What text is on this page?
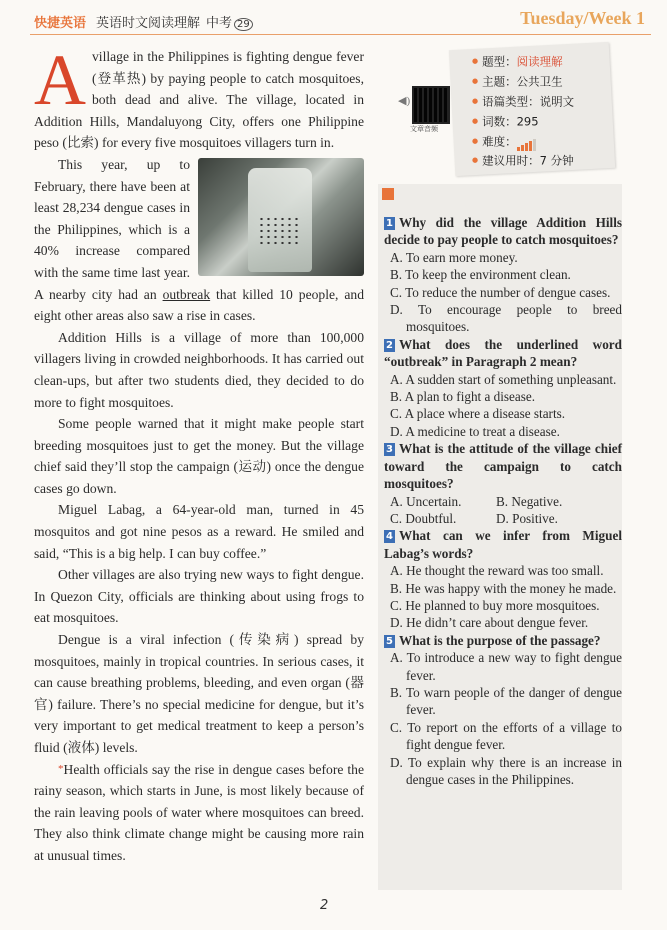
快捷英语 英语时文阅读理解 中考 29	Tuesday/Week 1

Avillage in the Philippines is fighting dengue fever (登革热) by paying people to catch mosquitoes, both dead and alive. The village, located in Addition Hills, Mandaluyong City, offers one Philippine peso (比索) for every five mosquitoes villagers turn in.

This year, up to February, there have been at least 28,234 dengue cases in the Philippines, which is a 40% increase compared with the same time last year. A nearby city had an outbreak that killed 10 people, and eight other areas also saw a rise in cases.

Addition Hills is a village of more than 100,000 villagers living in crowded neighborhoods. It has carried out clean-ups, but after two students died, they decided to do more to fight mosquitoes.

Some people warned that it might make people start breeding mosquitoes just to get the money. But the village chief said they’ll stop the campaign (运动) once the dengue cases go down.

Miguel Labag, a 64-year-old man, turned in 45 mosquitos and got nine pesos as a reward. He smiled and said, “This is a big help. I can buy coffee.”

Other villages are also trying new ways to fight dengue. In Quezon City, officials are thinking about using frogs to eat mosquitoes.

Dengue is a viral infection (传染病) spread by mosquitoes, mainly in tropical countries. In serious cases, it can cause breathing problems, bleeding, and even organ (器官) failure. There’s no special medicine for dengue, but it’s very important to get medical treatment to keep a person’s fluid (液体) levels.

*Health officials say the rise in dengue cases before the rainy season, which starts in June, is most likely because of the rain leaving pools of water where mosquitoes can breed. They also think climate change might be causing more rain at unusual times.

◀)
文章音频
● 题型：阅读理解
● 主题：公共卫生
● 语篇类型：说明文
● 词数：295
● 难度：
● 建议用时：7 分钟
1 Why did the village Addition Hills decide to pay people to catch mosquitoes?
A. To earn more money.
B. To keep the environment clean.
C. To reduce the number of dengue cases.
D. To encourage people to breed mosquitoes.
2 What does the underlined word “outbreak” in Paragraph 2 mean?
A. A sudden start of something unpleasant.
B. A plan to fight a disease.
C. A place where a disease starts.
D. A medicine to treat a disease.
3 What is the attitude of the village chief toward the campaign to catch mosquitoes?
A. Uncertain.	B. Negative.
C. Doubtful.	D. Positive.
4 What can we infer from Miguel Labag’s words?
A. He thought the reward was too small.
B. He was happy with the money he made.
C. He planned to buy more mosquitoes.
D. He didn’t care about dengue fever.
5 What is the purpose of the passage?
A. To introduce a new way to fight dengue fever.
B. To warn people of the danger of dengue fever.
C. To report on the efforts of a village to fight dengue fever.
D. To explain why there is an increase in dengue cases in the Philippines.
2
